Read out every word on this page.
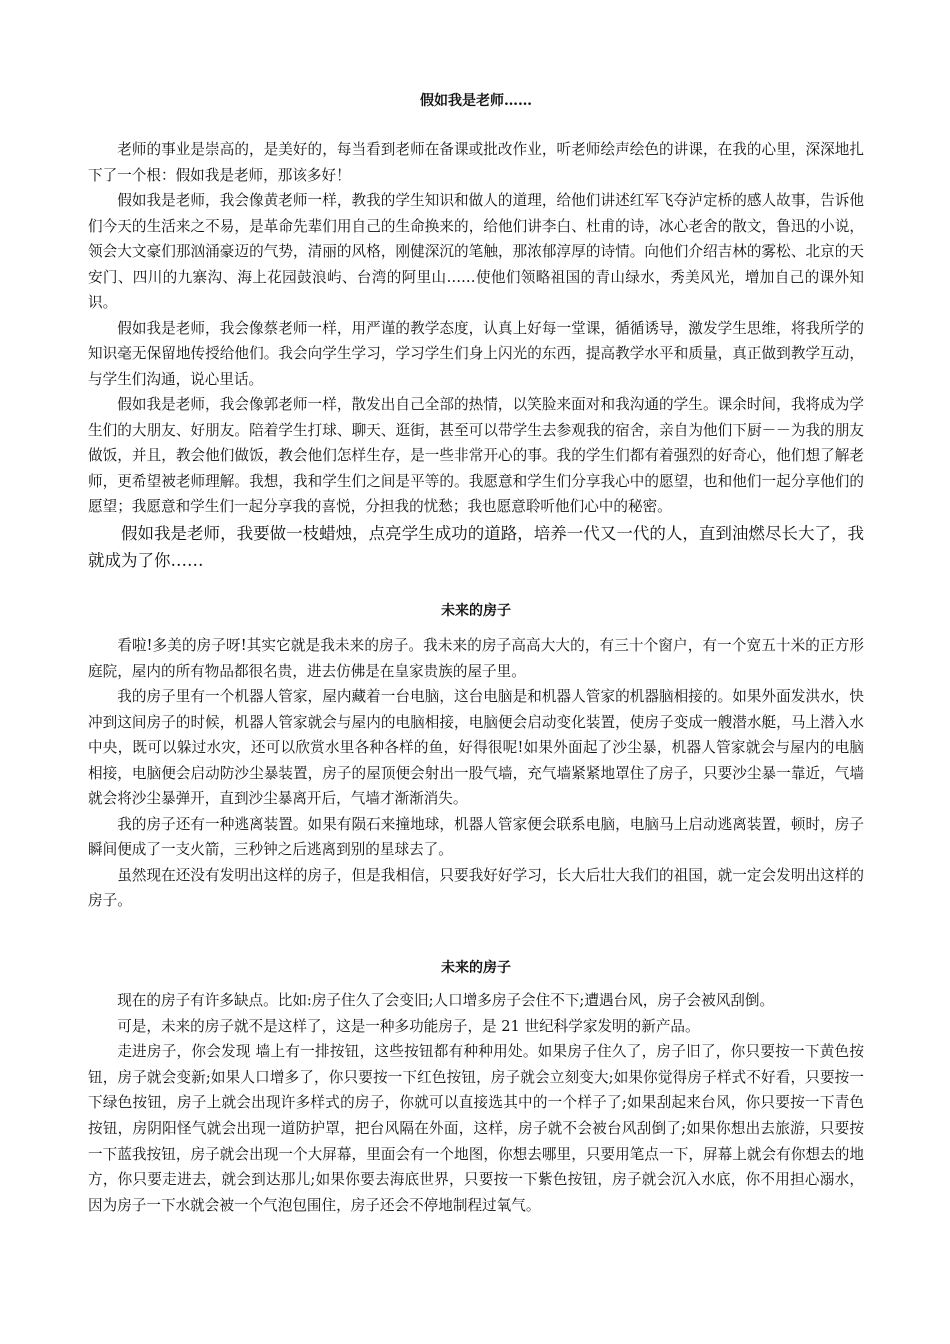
假如我是老师……

老师的事业是崇高的，是美好的，每当看到老师在备课或批改作业，听老师绘声绘色的讲课，在我的心里，深深地扎下了一个根：假如我是老师，那该多好！

假如我是老师，我会像黄老师一样，教我的学生知识和做人的道理，给他们讲述红军飞夺泸定桥的感人故事，告诉他们今天的生活来之不易，是革命先辈们用自己的生命换来的，给他们讲李白、杜甫的诗，冰心老舍的散文，鲁迅的小说，领会大文豪们那汹涌豪迈的气势，清丽的风格，刚健深沉的笔触，那浓郁淳厚的诗情。向他们介绍吉林的雾松、北京的天安门、四川的九寨沟、海上花园鼓浪屿、台湾的阿里山……使他们领略祖国的青山绿水，秀美风光，增加自己的课外知识。

假如我是老师，我会像蔡老师一样，用严谨的教学态度，认真上好每一堂课，循循诱导，激发学生思维，将我所学的知识毫无保留地传授给他们。我会向学生学习，学习学生们身上闪光的东西，提高教学水平和质量，真正做到教学互动，与学生们沟通，说心里话。

假如我是老师，我会像郭老师一样，散发出自己全部的热情，以笑脸来面对和我沟通的学生。课余时间，我将成为学生们的大朋友、好朋友。陪着学生打球、聊天、逛街，甚至可以带学生去参观我的宿舍，亲自为他们下厨－－为我的朋友做饭，并且，教会他们做饭，教会他们怎样生存，是一些非常开心的事。我的学生们都有着强烈的好奇心，他们想了解老师，更希望被老师理解。我想，我和学生们之间是平等的。我愿意和学生们分享我心中的愿望，也和他们一起分享他们的愿望；我愿意和学生们一起分享我的喜悦，分担我的忧愁；我也愿意聆听他们心中的秘密。

假如我是老师，我要做一枝蜡烛，点亮学生成功的道路，培养一代又一代的人，直到油燃尽长大了，我就成为了你……

未来的房子

看啦!多美的房子呀!其实它就是我未来的房子。我未来的房子高高大大的，有三十个窗户，有一个宽五十米的正方形庭院，屋内的所有物品都很名贵，进去仿佛是在皇家贵族的屋子里。

我的房子里有一个机器人管家，屋内藏着一台电脑，这台电脑是和机器人管家的机器脑相接的。如果外面发洪水，快冲到这间房子的时候，机器人管家就会与屋内的电脑相接，电脑便会启动变化装置，使房子变成一艘潜水艇，马上潜入水中央，既可以躲过水灾，还可以欣赏水里各种各样的鱼，好得很呢!如果外面起了沙尘暴，机器人管家就会与屋内的电脑相接，电脑便会启动防沙尘暴装置，房子的屋顶便会射出一股气墙，充气墙紧紧地罩住了房子，只要沙尘暴一靠近，气墙就会将沙尘暴弹开，直到沙尘暴离开后，气墙才渐渐消失。

我的房子还有一种逃离装置。如果有陨石来撞地球，机器人管家便会联系电脑，电脑马上启动逃离装置，顿时，房子瞬间便成了一支火箭，三秒钟之后逃离到别的星球去了。

虽然现在还没有发明出这样的房子，但是我相信，只要我好好学习，长大后壮大我们的祖国，就一定会发明出这样的房子。

未来的房子

现在的房子有许多缺点。比如:房子住久了会变旧;人口增多房子会住不下;遭遇台风，房子会被风刮倒。

可是，未来的房子就不是这样了，这是一种多功能房子，是 21 世纪科学家发明的新产品。

走进房子，你会发现 墙上有一排按钮，这些按钮都有种种用处。如果房子住久了，房子旧了，你只要按一下黄色按钮，房子就会变新;如果人口增多了，你只要按一下红色按钮，房子就会立刻变大;如果你觉得房子样式不好看，只要按一下绿色按钮，房子上就会出现许多样式的房子，你就可以直接选其中的一个样子了;如果刮起来台风，你只要按一下青色按钮，房阴阳怪气就会出现一道防护罩，把台风隔在外面，这样，房子就不会被台风刮倒了;如果你想出去旅游，只要按一下蓝我按钮，房子就会出现一个大屏幕，里面会有一个地图，你想去哪里，只要用笔点一下，屏幕上就会有你想去的地方，你只要走进去，就会到达那儿;如果你要去海底世界，只要按一下紫色按钮，房子就会沉入水底，你不用担心溺水，因为房子一下水就会被一个气泡包围住，房子还会不停地制程过氧气。
